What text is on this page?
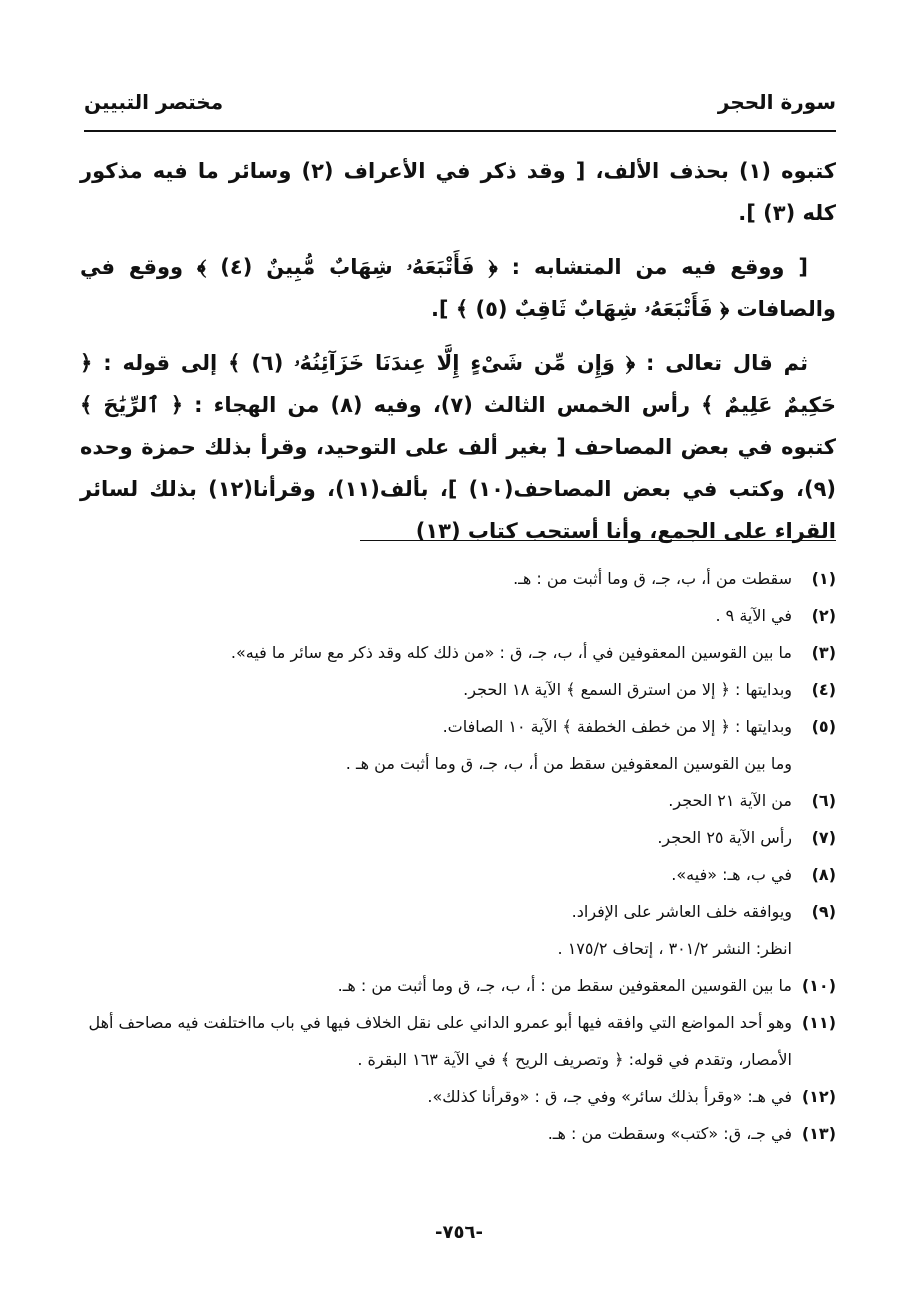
سورة الحجر
مختصر التبيين

كتبوه (١) بحذف الألف، [ وقد ذكر في الأعراف (٢) وسائر ما فيه مذكور كله (٣) ].

[ ووقع فيه من المتشابه : ﴿ فَأَتْبَعَهُۥ شِهَابٌ مُّبِينٌ (٤) ﴾ ووقع في والصافات ﴿ فَأَتْبَعَهُۥ شِهَابٌ ثَاقِبٌ (٥) ﴾ ].

ثم قال تعالى : ﴿ وَإِن مِّن شَىْءٍ إِلَّا عِندَنَا خَزَآئِنُهُۥ (٦) ﴾ إلى قوله : ﴿ حَكِيمٌ عَلِيمٌ ﴾ رأس الخمس الثالث (٧)، وفيه (٨) من الهجاء : ﴿ ٱلرِّيَٰحَ ﴾ كتبوه في بعض المصاحف [ بغير ألف على التوحيد، وقرأ بذلك حمزة وحده (٩)، وكتب في بعض المصاحف(١٠) ]، بألف(١١)، وقرأنا(١٢) بذلك لسائر القراء على الجمع، وأنا أستحب كتاب (١٣)

(١)
سقطت من أ، ب، جـ، ق وما أثبت من : هـ.
(٢)
في الآية ٩ .
(٣)
ما بين القوسين المعقوفين في أ، ب، جـ، ق : «من ذلك كله وقد ذكر مع سائر ما فيه».
(٤)
وبدايتها : ﴿ إلا من استرق السمع ﴾ الآية ١٨ الحجر.
(٥)
وبدايتها : ﴿ إلا من خطف الخطفة ﴾ الآية ١٠ الصافات.
وما بين القوسين المعقوفين سقط من أ، ب، جـ، ق وما أثبت من هـ .
(٦)
من الآية ٢١ الحجر.
(٧)
رأس الآية ٢٥ الحجر.
(٨)
في ب، هـ: «فيه».
(٩)
ويوافقه خلف العاشر على الإفراد.
انظر: النشر ٣٠١/٢ ، إتحاف ١٧٥/٢ .
(١٠)
ما بين القوسين المعقوفين سقط من : أ، ب، جـ، ق وما أثبت من : هـ.
(١١)
وهو أحد المواضع التي وافقه فيها أبو عمرو الداني على نقل الخلاف فيها في باب مااختلفت فيه مصاحف أهل الأمصار، وتقدم في قوله: ﴿ وتصريف الريح ﴾ في الآية ١٦٣ البقرة .
(١٢)
في هـ: «وقرأ بذلك سائر» وفي جـ، ق : «وقرأنا كذلك».
(١٣)
في جـ، ق: «كتب» وسقطت من : هـ.
-٧٥٦-
